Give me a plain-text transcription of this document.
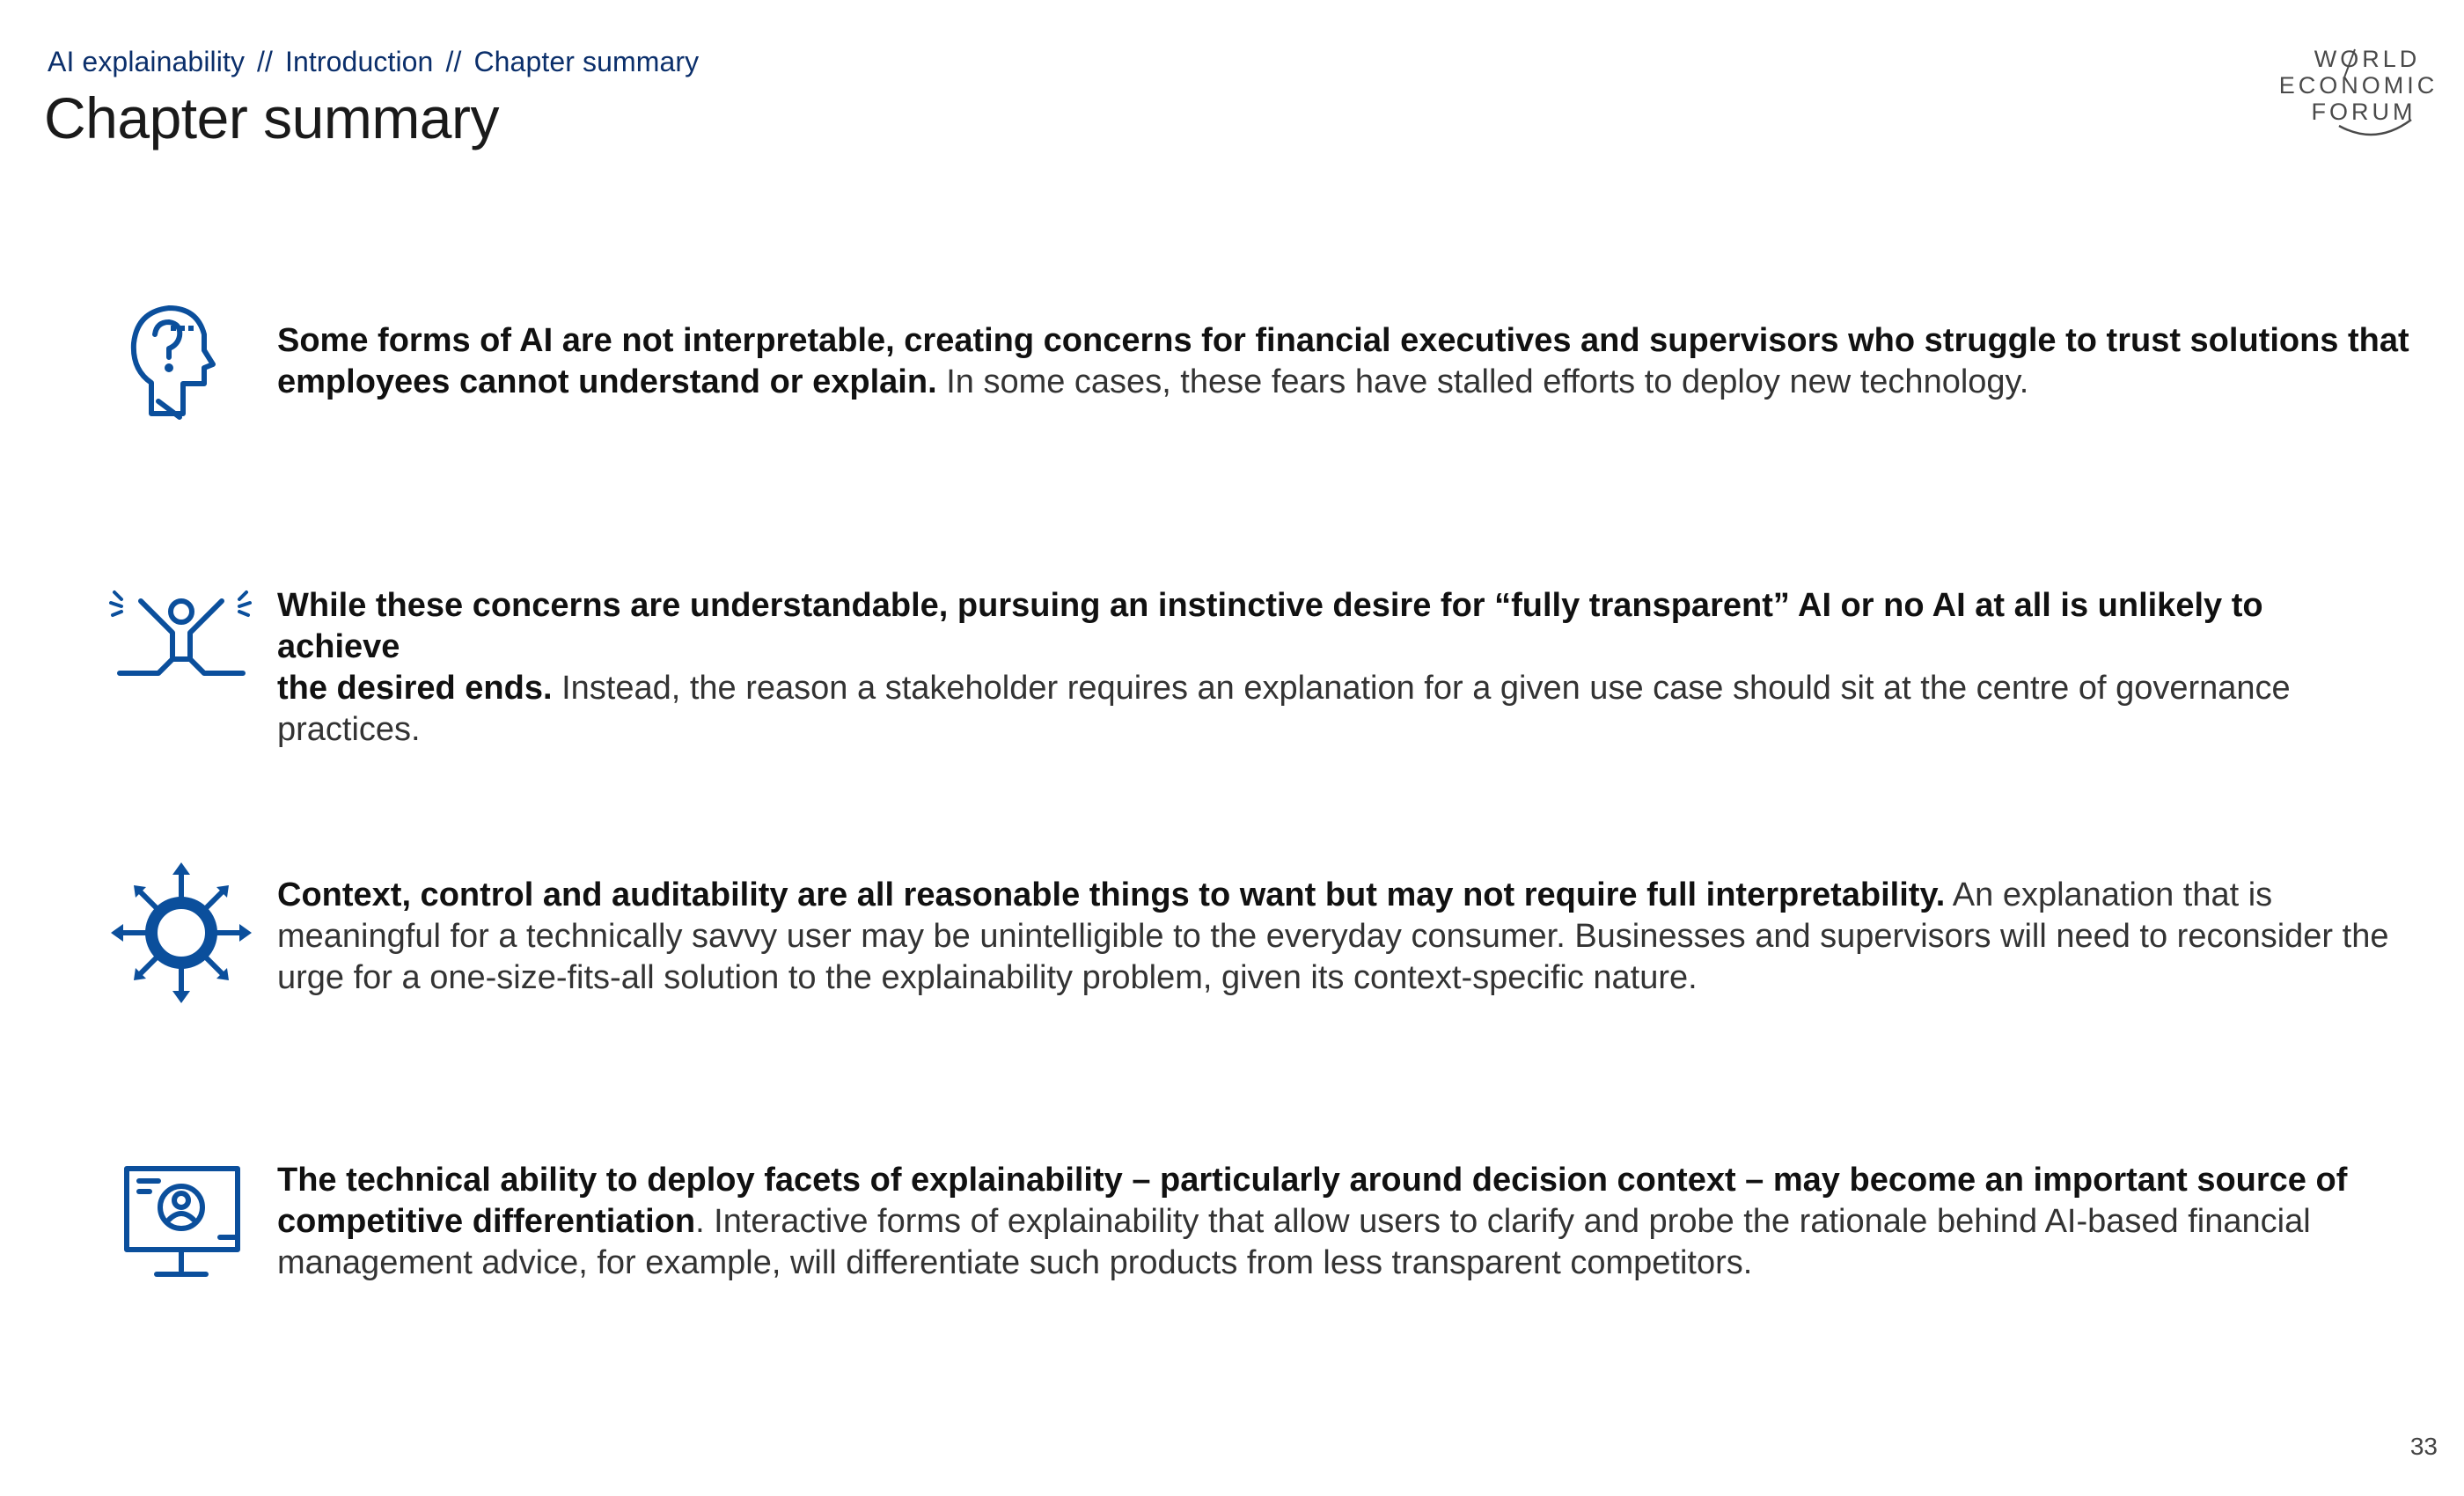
AI explainability // Introduction // Chapter summary
Chapter summary
WORLD
ECONOMIC
FORUM
Some forms of AI are not interpretable, creating concerns for financial executives and supervisors who struggle to trust solutions that
employees cannot understand or explain. In some cases, these fears have stalled efforts to deploy new technology.
While these concerns are understandable, pursuing an instinctive desire for “fully transparent” AI or no AI at all is unlikely to
achieve
the desired ends. Instead, the reason a stakeholder requires an explanation for a given use case should sit at the centre of governance practices.
Context, control and auditability are all reasonable things to want but may not require full interpretability. An explanation that is meaningful for a technically savvy user may be unintelligible to the everyday consumer. Businesses and supervisors will need to reconsider the urge for a one-size-fits-all solution to the explainability problem, given its context-specific nature.
The technical ability to deploy facets of explainability – particularly around decision context – may become an important source of
competitive differentiation. Interactive forms of explainability that allow users to clarify and probe the rationale behind AI-based financial management advice, for example, will differentiate such products from less transparent competitors.
33
